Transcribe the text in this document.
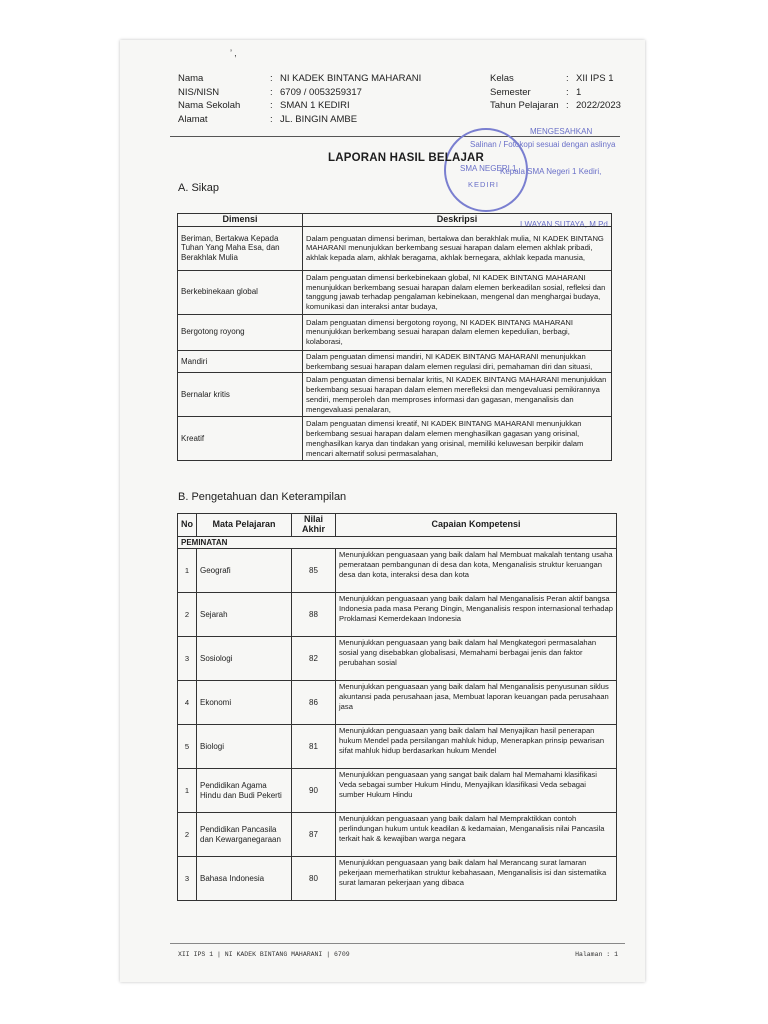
’ ,
Nama	: NI KADEK BINTANG MAHARANI
NIS/NISN	: 6709 / 0053259317
Nama Sekolah	: SMAN 1 KEDIRI
Alamat	: JL. BINGIN AMBE
Kelas	: XII IPS 1
Semester	: 1
Tahun Pelajaran : 2022/2023
MENGESAHKAN
Salinan / Fotokopi sesuai dengan aslinya
Kepala SMA Negeri 1 Kediri,
SMA NEGERI 1
KEDIRI
I WAYAN SUTAYA, M.Pd
LAPORAN HASIL BELAJAR
A. Sikap
Dimensi	Deskripsi
Beriman, Bertakwa Kepada Tuhan Yang Maha Esa, dan Berakhlak Mulia	Dalam penguatan dimensi beriman, bertakwa dan berakhlak mulia, NI KADEK BINTANG MAHARANI menunjukkan berkembang sesuai harapan dalam elemen akhlak pribadi, akhlak kepada alam, akhlak beragama, akhlak bernegara, akhlak kepada manusia,
Berkebinekaan global	Dalam penguatan dimensi berkebinekaan global, NI KADEK BINTANG MAHARANI menunjukkan berkembang sesuai harapan dalam elemen berkeadilan sosial, refleksi dan tanggung jawab terhadap pengalaman kebinekaan, mengenal dan menghargai budaya, komunikasi dan interaksi antar budaya,
Bergotong royong	Dalam penguatan dimensi bergotong royong, NI KADEK BINTANG MAHARANI menunjukkan berkembang sesuai harapan dalam elemen kepedulian, berbagi, kolaborasi,
Mandiri	Dalam penguatan dimensi mandiri, NI KADEK BINTANG MAHARANI menunjukkan berkembang sesuai harapan dalam elemen regulasi diri, pemahaman diri dan situasi,
Bernalar kritis	Dalam penguatan dimensi bernalar kritis, NI KADEK BINTANG MAHARANI menunjukkan berkembang sesuai harapan dalam elemen merefleksi dan mengevaluasi pemikirannya sendiri, memperoleh dan memproses informasi dan gagasan, menganalisis dan mengevaluasi penalaran,
Kreatif	Dalam penguatan dimensi kreatif, NI KADEK BINTANG MAHARANI menunjukkan berkembang sesuai harapan dalam elemen menghasilkan gagasan yang orisinal, menghasilkan karya dan tindakan yang orisinal, memiliki keluwesan berpikir dalam mencari alternatif solusi permasalahan,
B. Pengetahuan dan Keterampilan
No	Mata Pelajaran	Nilai Akhir	Capaian Kompetensi
PEMINATAN			
1	Geografi	85	Menunjukkan penguasaan yang baik dalam hal Membuat makalah tentang usaha pemerataan pembangunan di desa dan kota, Menganalisis struktur keruangan desa dan kota, interaksi desa dan kota
2	Sejarah	88	Menunjukkan penguasaan yang baik dalam hal Menganalisis Peran aktif bangsa Indonesia pada masa Perang Dingin, Menganalisis respon internasional terhadap Proklamasi Kemerdekaan Indonesia
3	Sosiologi	82	Menunjukkan penguasaan yang baik dalam hal Mengkategori permasalahan sosial yang disebabkan globalisasi, Memahami berbagai jenis dan faktor perubahan sosial
4	Ekonomi	86	Menunjukkan penguasaan yang baik dalam hal Menganalisis penyusunan siklus akuntansi pada perusahaan jasa, Membuat laporan keuangan pada perusahaan jasa
5	Biologi	81	Menunjukkan penguasaan yang baik dalam hal Menyajikan hasil penerapan hukum Mendel pada persilangan mahluk hidup, Menerapkan prinsip pewarisan sifat mahluk hidup berdasarkan hukum Mendel
1	Pendidikan Agama Hindu dan Budi Pekerti	90	Menunjukkan penguasaan yang sangat baik dalam hal Memahami klasifikasi Veda sebagai sumber Hukum Hindu, Menyajikan klasifikasi Veda sebagai sumber Hukum Hindu
2	Pendidikan Pancasila dan Kewarganegaraan	87	Menunjukkan penguasaan yang baik dalam hal Mempraktikkan contoh perlindungan hukum untuk keadilan & kedamaian, Menganalisis nilai Pancasila terkait hak & kewajiban warga negara
3	Bahasa Indonesia	80	Menunjukkan penguasaan yang baik dalam hal Merancang surat lamaran pekerjaan memerhatikan struktur kebahasaan, Menganalisis isi dan sistematika surat lamaran pekerjaan yang dibaca
XII IPS 1 | NI KADEK BINTANG MAHARANI | 6709	Halaman : 1
